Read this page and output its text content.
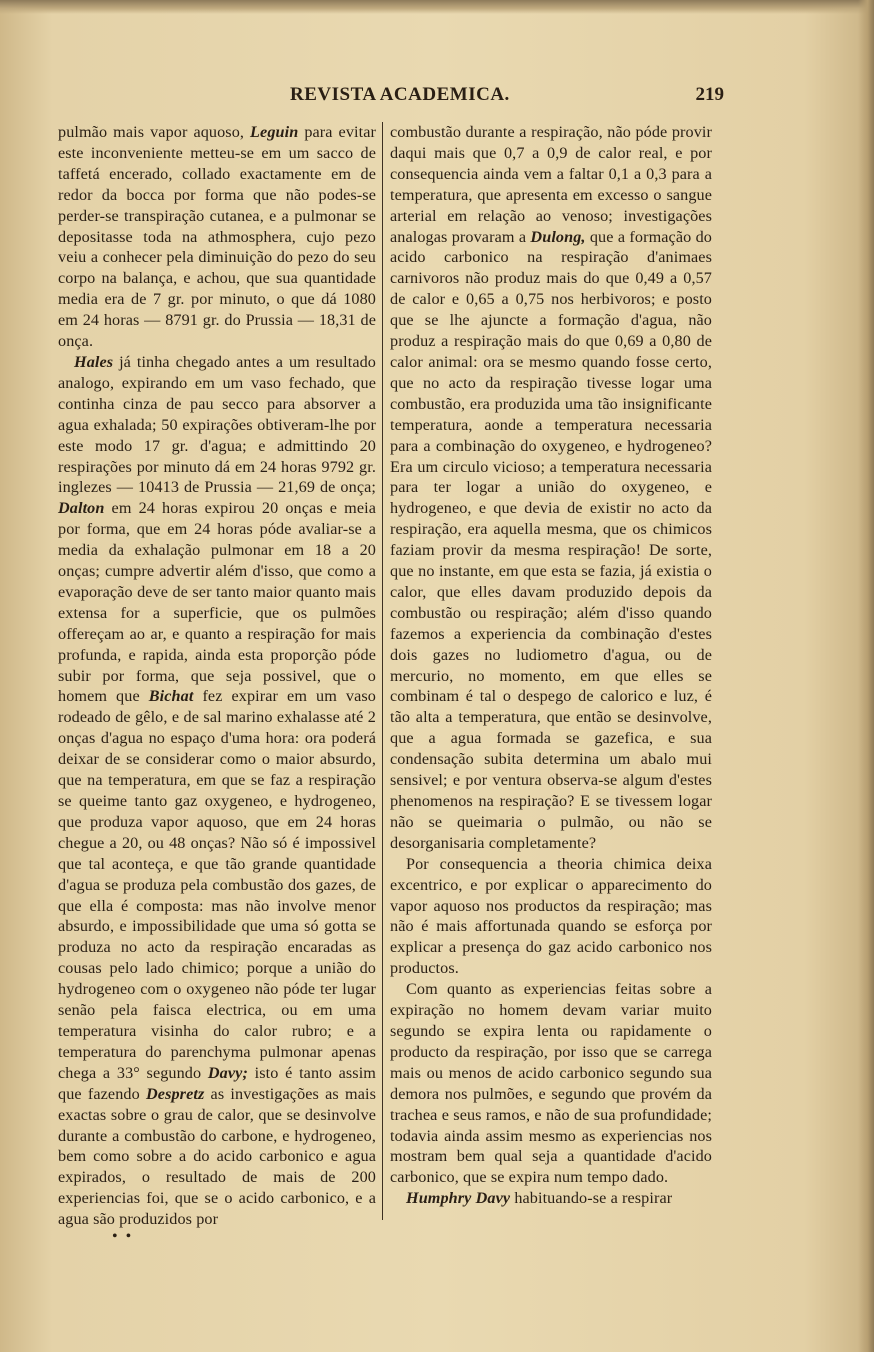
REVISTA ACADEMICA.	219

pulmão mais vapor aquoso, Leguin para evitar este inconveniente metteu-se em um sacco de taffetá encerado, collado exactamente em de redor da bocca por forma que não podes-se perder-se transpiração cutanea, e a pulmonar se depositasse toda na athmosphera, cujo pezo veiu a conhecer pela diminuição do pezo do seu corpo na balança, e achou, que sua quantidade media era de 7 gr. por minuto, o que dá 1080 em 24 horas — 8791 gr. do Prussia — 18,31 de onça.

Hales já tinha chegado antes a um resultado analogo, expirando em um vaso fechado, que continha cinza de pau secco para absorver a agua exhalada; 50 expirações obtiveram-lhe por este modo 17 gr. d'agua; e admittindo 20 respirações por minuto dá em 24 horas 9792 gr. inglezes — 10413 de Prussia — 21,69 de onça; Dalton em 24 horas expirou 20 onças e meia por forma, que em 24 horas póde avaliar-se a media da exhalação pulmonar em 18 a 20 onças; cumpre advertir além d'isso, que como a evaporação deve de ser tanto maior quanto mais extensa for a superficie, que os pulmões offereçam ao ar, e quanto a respiração for mais profunda, e rapida, ainda esta proporção póde subir por forma, que seja possivel, que o homem que Bichat fez expirar em um vaso rodeado de gêlo, e de sal marino exhalasse até 2 onças d'agua no espaço d'uma hora: ora poderá deixar de se considerar como o maior absurdo, que na temperatura, em que se faz a respiração se queime tanto gaz oxygeneo, e hydrogeneo, que produza vapor aquoso, que em 24 horas chegue a 20, ou 48 onças? Não só é impossivel que tal aconteça, e que tão grande quantidade d'agua se produza pela combustão dos gazes, de que ella é composta: mas não involve menor absurdo, e impossibilidade que uma só gotta se produza no acto da respiração encaradas as cousas pelo lado chimico; porque a união do hydrogeneo com o oxygeneo não póde ter lugar senão pela faisca electrica, ou em uma temperatura visinha do calor rubro; e a temperatura do parenchyma pulmonar apenas chega a 33° segundo Davy; isto é tanto assim que fazendo Despretz as investigações as mais exactas sobre o grau de calor, que se desinvolve durante a combustão do carbone, e hydrogeneo, bem como sobre a do acido carbonico e agua expirados, o resultado de mais de 200 experiencias foi, que se o acido carbonico, e a agua são produzidos por

combustão durante a respiração, não póde provir daqui mais que 0,7 a 0,9 de calor real, e por consequencia ainda vem a faltar 0,1 a 0,3 para a temperatura, que apresenta em excesso o sangue arterial em relação ao venoso; investigações analogas provaram a Dulong, que a formação do acido carbonico na respiração d'animaes carnivoros não produz mais do que 0,49 a 0,57 de calor e 0,65 a 0,75 nos herbivoros; e posto que se lhe ajuncte a formação d'agua, não produz a respiração mais do que 0,69 a 0,80 de calor animal: ora se mesmo quando fosse certo, que no acto da respiração tivesse logar uma combustão, era produzida uma tão insignificante temperatura, aonde a temperatura necessaria para a combinação do oxygeneo, e hydrogeneo? Era um circulo vicioso; a temperatura necessaria para ter logar a união do oxygeneo, e hydrogeneo, e que devia de existir no acto da respiração, era aquella mesma, que os chimicos faziam provir da mesma respiração! De sorte, que no instante, em que esta se fazia, já existia o calor, que elles davam produzido depois da combustão ou respiração; além d'isso quando fazemos a experiencia da combinação d'estes dois gazes no ludiometro d'agua, ou de mercurio, no momento, em que elles se combinam é tal o despego de calorico e luz, é tão alta a temperatura, que então se desinvolve, que a agua formada se gazefica, e sua condensação subita determina um abalo mui sensivel; e por ventura observa-se algum d'estes phenomenos na respiração? E se tivessem logar não se queimaria o pulmão, ou não se desorganisaria completamente?

Por consequencia a theoria chimica deixa excentrico, e por explicar o apparecimento do vapor aquoso nos productos da respiração; mas não é mais affortunada quando se esforça por explicar a presença do gaz acido carbonico nos productos.

Com quanto as experiencias feitas sobre a expiração no homem devam variar muito segundo se expira lenta ou rapidamente o producto da respiração, por isso que se carrega mais ou menos de acido carbonico segundo sua demora nos pulmões, e segundo que provém da trachea e seus ramos, e não de sua profundidade; todavia ainda assim mesmo as experiencias nos mostram bem qual seja a quantidade d'acido carbonico, que se expira num tempo dado.

Humphry Davy habituando-se a respirar

• •
